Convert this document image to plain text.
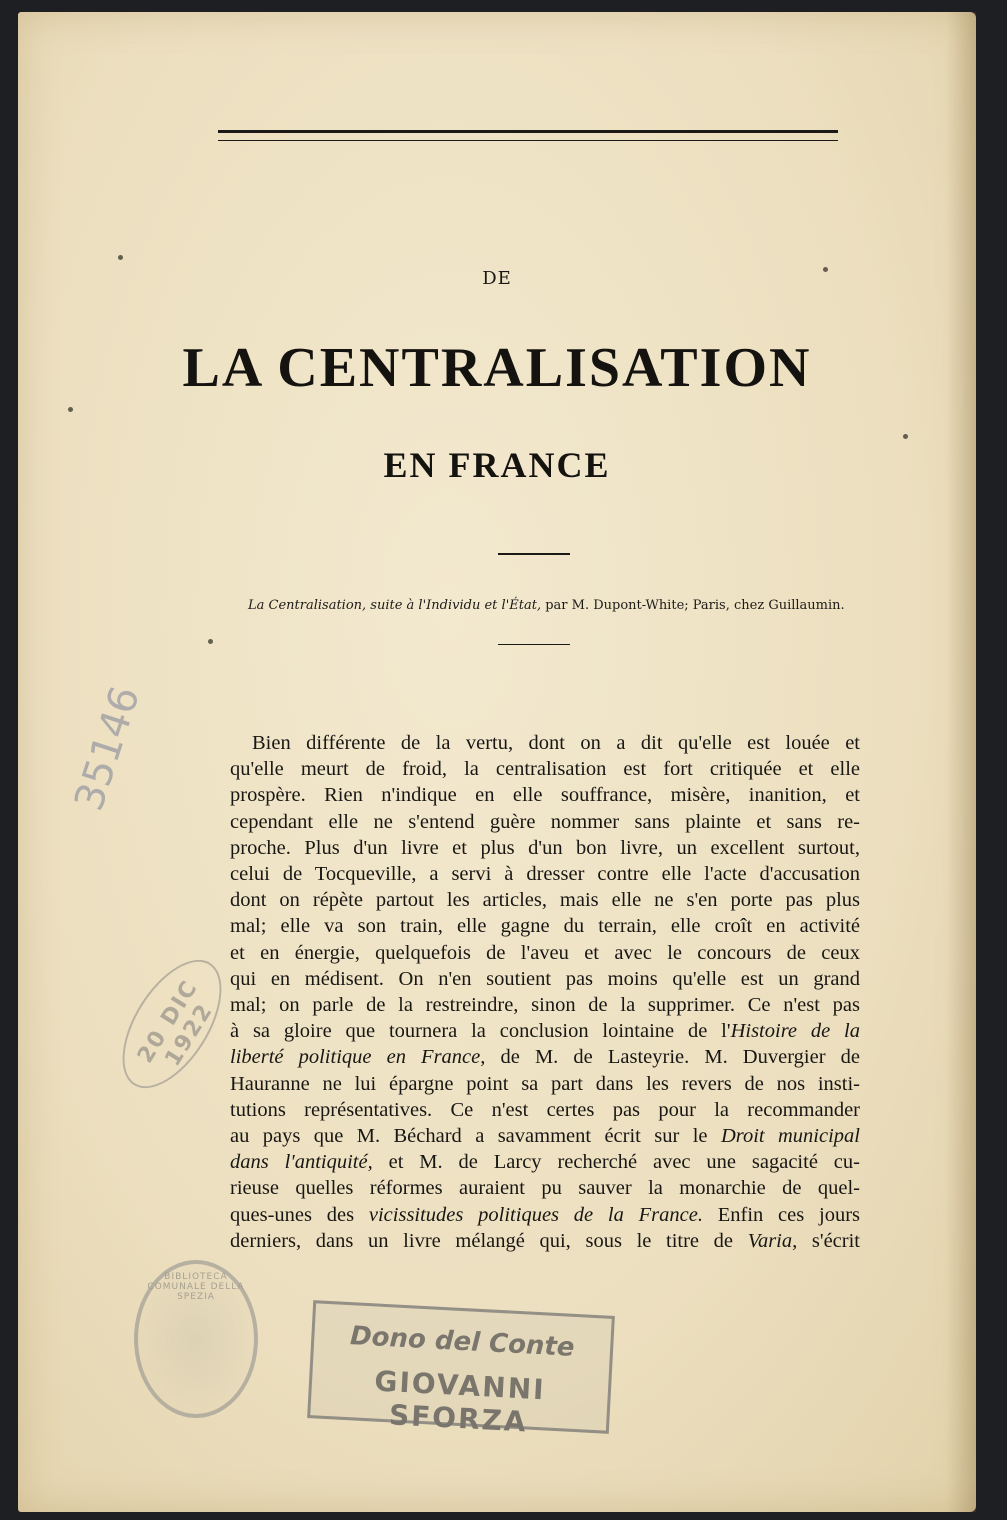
DE
LA CENTRALISATION
EN FRANCE
La Centralisation, suite à l'Individu et l'État, par M. Dupont-White; Paris, chez Guillaumin.
Bien différente de la vertu, dont on a dit qu'elle est louée et
qu'elle meurt de froid, la centralisation est fort critiquée et elle
prospère. Rien n'indique en elle souffrance, misère, inanition, et
cependant elle ne s'entend guère nommer sans plainte et sans re-
proche. Plus d'un livre et plus d'un bon livre, un excellent surtout,
celui de Tocqueville, a servi à dresser contre elle l'acte d'accusation
dont on répète partout les articles, mais elle ne s'en porte pas plus
mal; elle va son train, elle gagne du terrain, elle croît en activité
et en énergie, quelquefois de l'aveu et avec le concours de ceux
qui en médisent. On n'en soutient pas moins qu'elle est un grand
mal; on parle de la restreindre, sinon de la supprimer. Ce n'est pas
à sa gloire que tournera la conclusion lointaine de l'Histoire de la
liberté politique en France, de M. de Lasteyrie. M. Duvergier de
Hauranne ne lui épargne point sa part dans les revers de nos insti-
tutions représentatives. Ce n'est certes pas pour la recommander
au pays que M. Béchard a savamment écrit sur le Droit municipal
dans l'antiquité, et M. de Larcy recherché avec une sagacité cu-
rieuse quelles réformes auraient pu sauver la monarchie de quel-
ques-unes des vicissitudes politiques de la France. Enfin ces jours
derniers, dans un livre mélangé qui, sous le titre de Varia, s'écrit
35146
20 DIC 1922
BIBLIOTECA COMUNALE DELLA SPEZIA
Dono del Conte
GIOVANNI SFORZA
